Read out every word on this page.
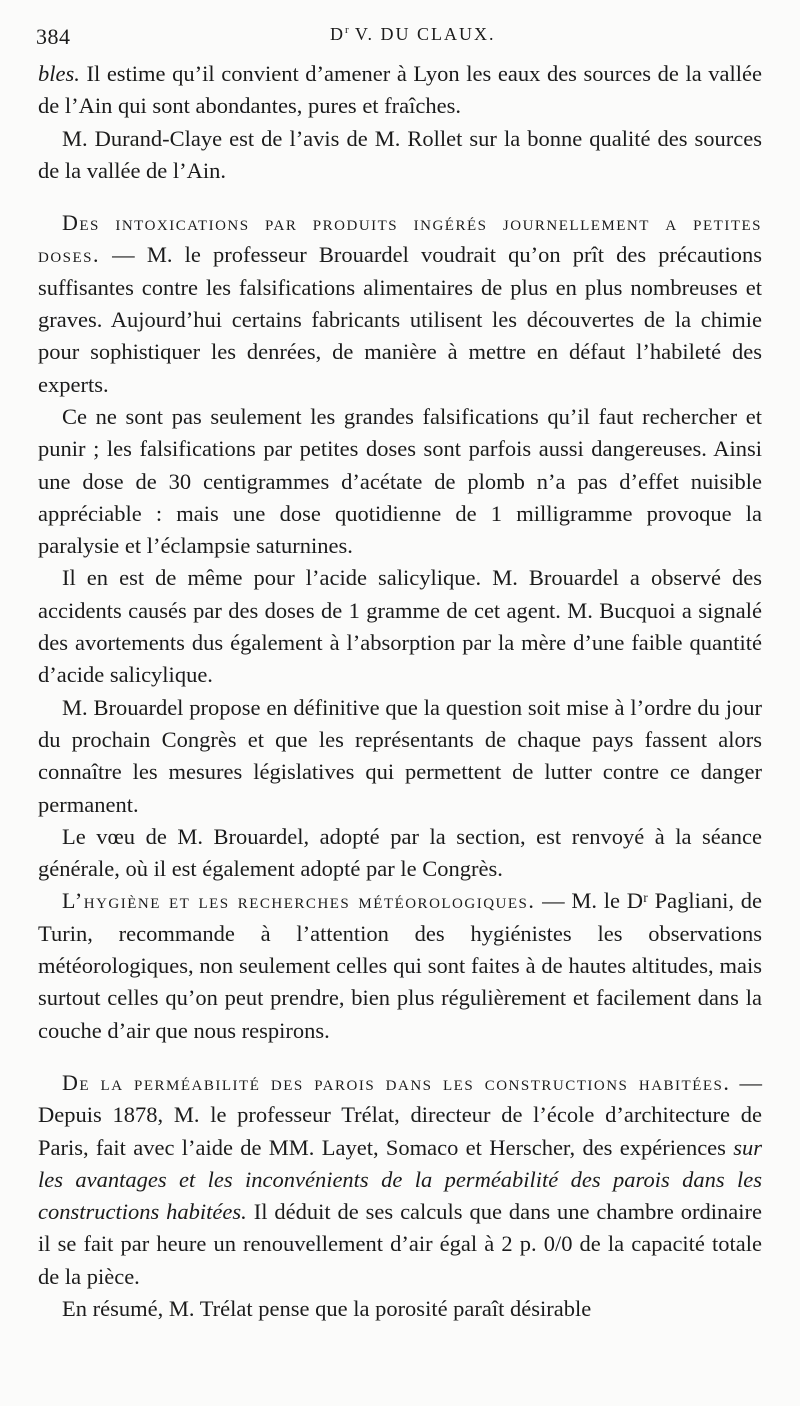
384	$D^r$ V. DU CLAUX.

bles. Il estime qu’il convient d’amener à Lyon les eaux des sources de la vallée de l’Ain qui sont abondantes, pures et fraîches.

M. Durand-Claye est de l’avis de M. Rollet sur la bonne qualité des sources de la vallée de l’Ain.

Des intoxications par produits ingérés journellement a petites doses. — M. le professeur Brouardel voudrait qu’on prît des précautions suffisantes contre les falsifications alimentaires de plus en plus nombreuses et graves. Aujourd’hui certains fabricants utilisent les découvertes de la chimie pour sophistiquer les denrées, de manière à mettre en défaut l’habileté des experts.

Ce ne sont pas seulement les grandes falsifications qu’il faut rechercher et punir ; les falsifications par petites doses sont parfois aussi dangereuses. Ainsi une dose de 30 centigrammes d’acétate de plomb n’a pas d’effet nuisible appréciable : mais une dose quotidienne de 1 milligramme provoque la paralysie et l’éclampsie saturnines.

Il en est de même pour l’acide salicylique. M. Brouardel a observé des accidents causés par des doses de 1 gramme de cet agent. M. Bucquoi a signalé des avortements dus également à l’absorption par la mère d’une faible quantité d’acide salicylique.

M. Brouardel propose en définitive que la question soit mise à l’ordre du jour du prochain Congrès et que les représentants de chaque pays fassent alors connaître les mesures législatives qui permettent de lutter contre ce danger permanent.

Le vœu de M. Brouardel, adopté par la section, est renvoyé à la séance générale, où il est également adopté par le Congrès.

L’hygiène et les recherches météorologiques. — M. le Dʳ Pagliani, de Turin, recommande à l’attention des hygiénistes les observations météorologiques, non seulement celles qui sont faites à de hautes altitudes, mais surtout celles qu’on peut prendre, bien plus régulièrement et facilement dans la couche d’air que nous respirons.

De la perméabilité des parois dans les constructions habitées. — Depuis 1878, M. le professeur Trélat, directeur de l’école d’architecture de Paris, fait avec l’aide de MM. Layet, Somaco et Herscher, des expériences sur les avantages et les inconvénients de la perméabilité des parois dans les constructions habitées. Il déduit de ses calculs que dans une chambre ordinaire il se fait par heure un renouvellement d’air égal à 2 p. 0/0 de la capacité totale de la pièce.

En résumé, M. Trélat pense que la porosité paraît désirable
